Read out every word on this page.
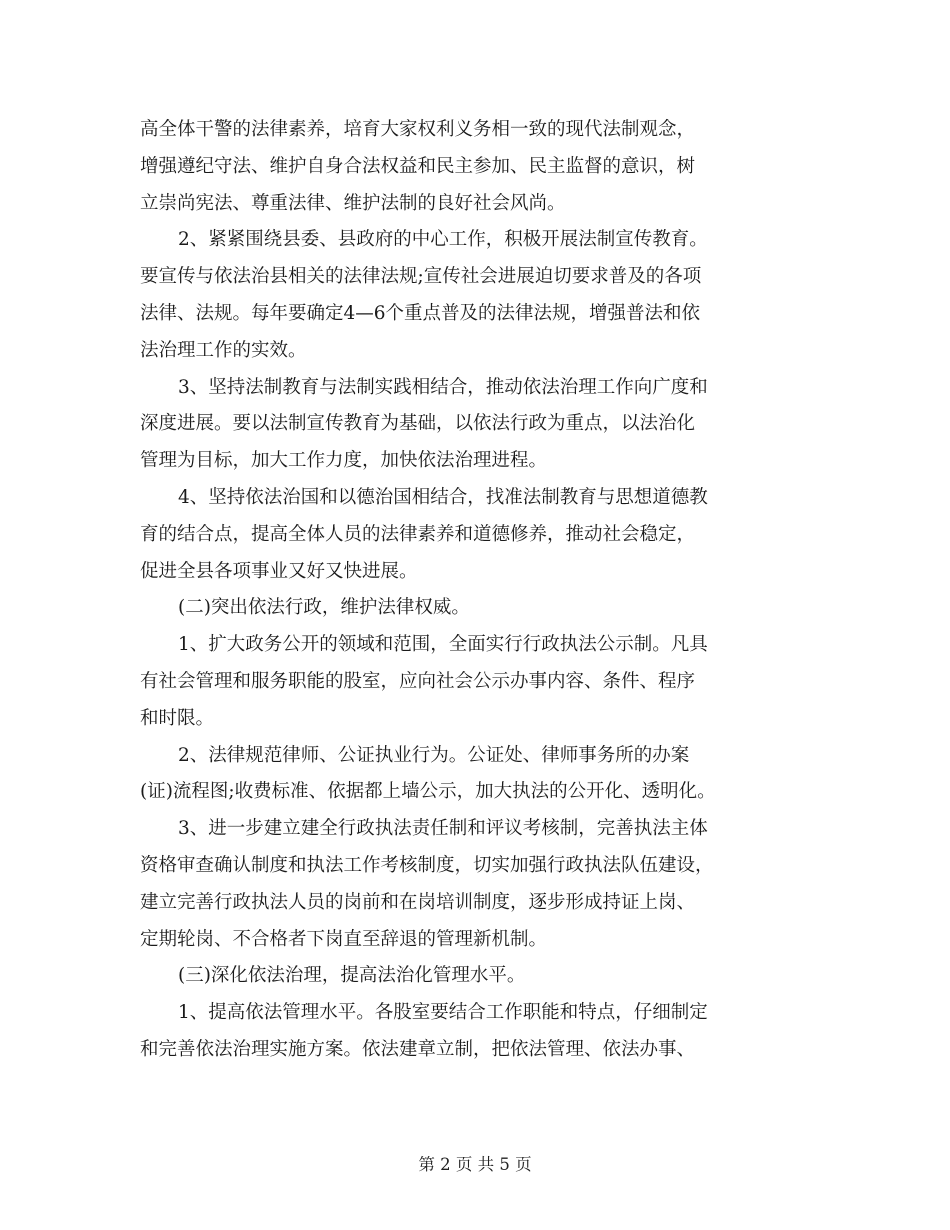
高全体干警的法律素养，培育大家权利义务相一致的现代法制观念，
增强遵纪守法、维护自身合法权益和民主参加、民主监督的意识，树
立崇尚宪法、尊重法律、维护法制的良好社会风尚。
2、紧紧围绕县委、县政府的中心工作，积极开展法制宣传教育。
要宣传与依法治县相关的法律法规;宣传社会进展迫切要求普及的各项
法律、法规。每年要确定4—6个重点普及的法律法规，增强普法和依
法治理工作的实效。
3、坚持法制教育与法制实践相结合，推动依法治理工作向广度和
深度进展。要以法制宣传教育为基础，以依法行政为重点，以法治化
管理为目标，加大工作力度，加快依法治理进程。
4、坚持依法治国和以德治国相结合，找准法制教育与思想道德教
育的结合点，提高全体人员的法律素养和道德修养，推动社会稳定，
促进全县各项事业又好又快进展。
(二)突出依法行政，维护法律权威。
1、扩大政务公开的领域和范围，全面实行行政执法公示制。凡具
有社会管理和服务职能的股室，应向社会公示办事内容、条件、程序
和时限。
2、法律规范律师、公证执业行为。公证处、律师事务所的办案
(证)流程图;收费标准、依据都上墙公示，加大执法的公开化、透明化。
3、进一步建立建全行政执法责任制和评议考核制，完善执法主体
资格审查确认制度和执法工作考核制度，切实加强行政执法队伍建设，
建立完善行政执法人员的岗前和在岗培训制度，逐步形成持证上岗、
定期轮岗、不合格者下岗直至辞退的管理新机制。
(三)深化依法治理，提高法治化管理水平。
1、提高依法管理水平。各股室要结合工作职能和特点，仔细制定
和完善依法治理实施方案。依法建章立制，把依法管理、依法办事、

第 2 页 共 5 页
